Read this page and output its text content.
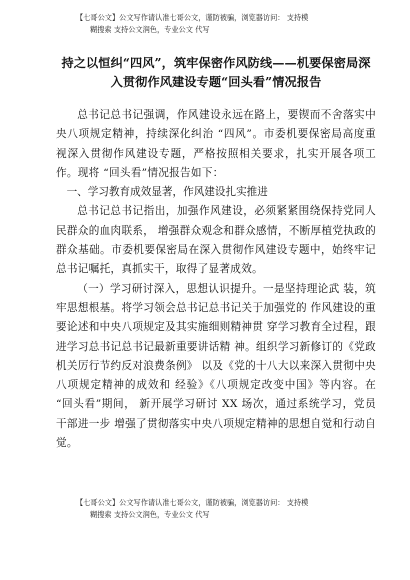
【七哥公文】公文写作请认准七哥公文，谨防被骗，浏览器访问： 支持模
糊搜索 支持公文润色，专业公文 代写
持之以恒纠“四风”，筑牢保密作风防线——机要保密局深
入贯彻作风建设专题“回头看”情况报告

总书记总书记强调，作风建设永远在路上，要锲而不舍落实中央八项规定精神，持续深化纠治 “四风”。市委机要保密局高度重视深入贯彻作风建设专题，严格按照相关要求，扎实开展各项工作。现将 “回头看”情况报告如下：

一、学习教育成效显著，作风建设扎实推进

总书记总书记指出，加强作风建设，必须紧紧围绕保持党同人民群众的血肉联系， 增强群众观念和群众感情，不断厚植党执政的群众基础。市委机要保密局在深入贯彻作风建设专题中，始终牢记总书记嘱托，真抓实干，取得了显著成效。

（一）学习研讨深入，思想认识提升。一是坚持理论武 装，筑牢思想根基。将学习领会总书记总书记关于加强党的 作风建设的重要论述和中央八项规定及其实施细则精神贯 穿学习教育全过程，跟进学习总书记总书记最新重要讲话精 神。组织学习新修订的《党政机关厉行节约反对浪费条例》 以及《党的十八大以来深入贯彻中央八项规定精神的成效和 经验》《八项规定改变中国》等内容。在 “回头看”期间， 新开展学习研讨 XX 场次，通过系统学习，党员干部进一步 增强了贯彻落实中央八项规定精神的思想自觉和行动自觉。

【七哥公文】公文写作请认准七哥公文，谨防被骗，浏览器访问： 支持模
糊搜索 支持公文润色，专业公文 代写
